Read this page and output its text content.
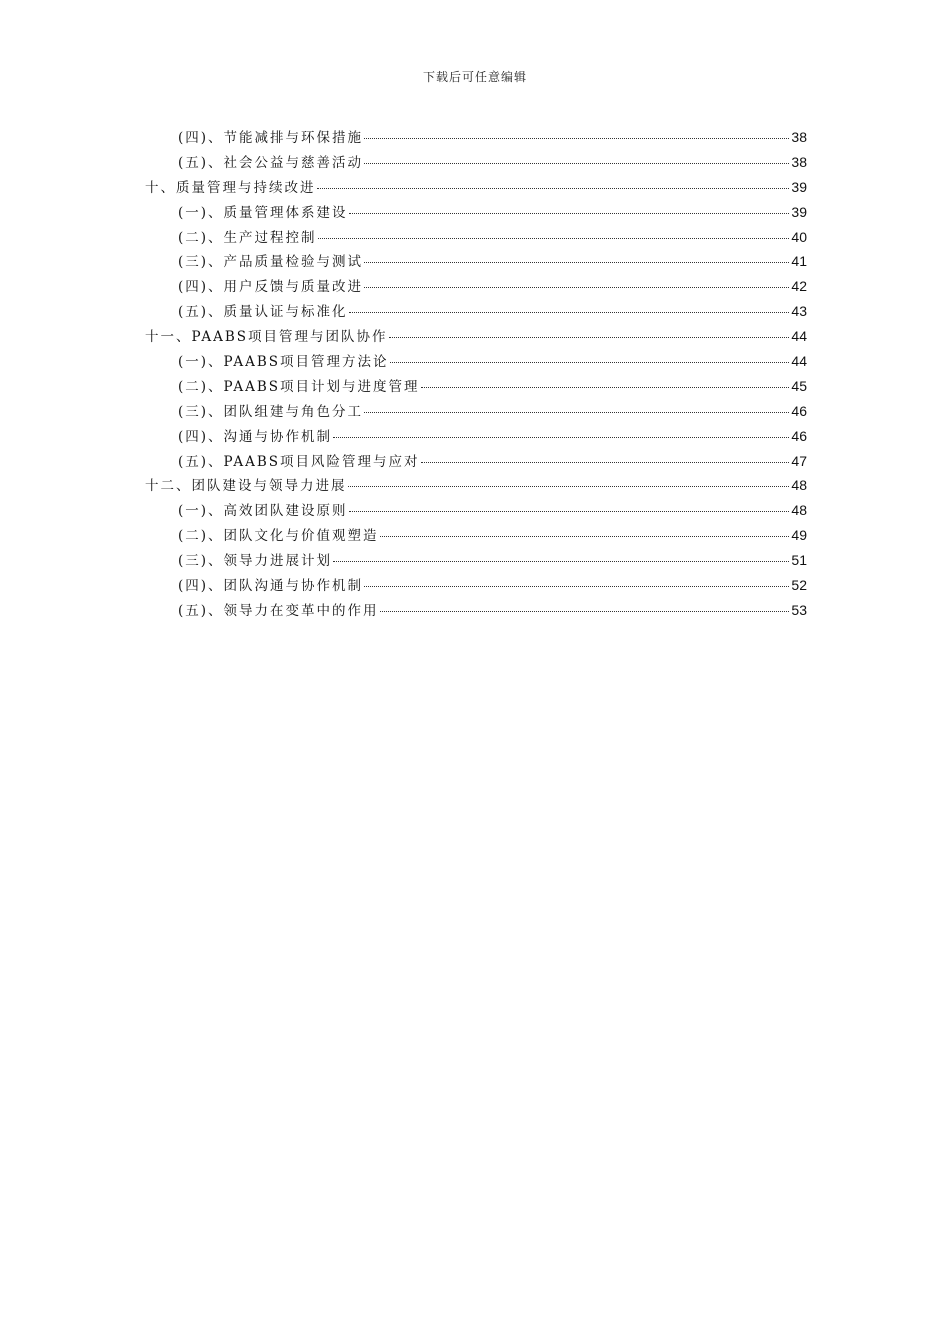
下载后可任意编辑
(四)、节能减排与环保措施	38
(五)、社会公益与慈善活动	38
十、质量管理与持续改进	39
(一)、质量管理体系建设	39
(二)、生产过程控制	40
(三)、产品质量检验与测试	41
(四)、用户反馈与质量改进	42
(五)、质量认证与标准化	43
十一、PAABS项目管理与团队协作	44
(一)、PAABS项目管理方法论	44
(二)、PAABS项目计划与进度管理	45
(三)、团队组建与角色分工	46
(四)、沟通与协作机制	46
(五)、PAABS项目风险管理与应对	47
十二、团队建设与领导力进展	48
(一)、高效团队建设原则	48
(二)、团队文化与价值观塑造	49
(三)、领导力进展计划	51
(四)、团队沟通与协作机制	52
(五)、领导力在变革中的作用	53
